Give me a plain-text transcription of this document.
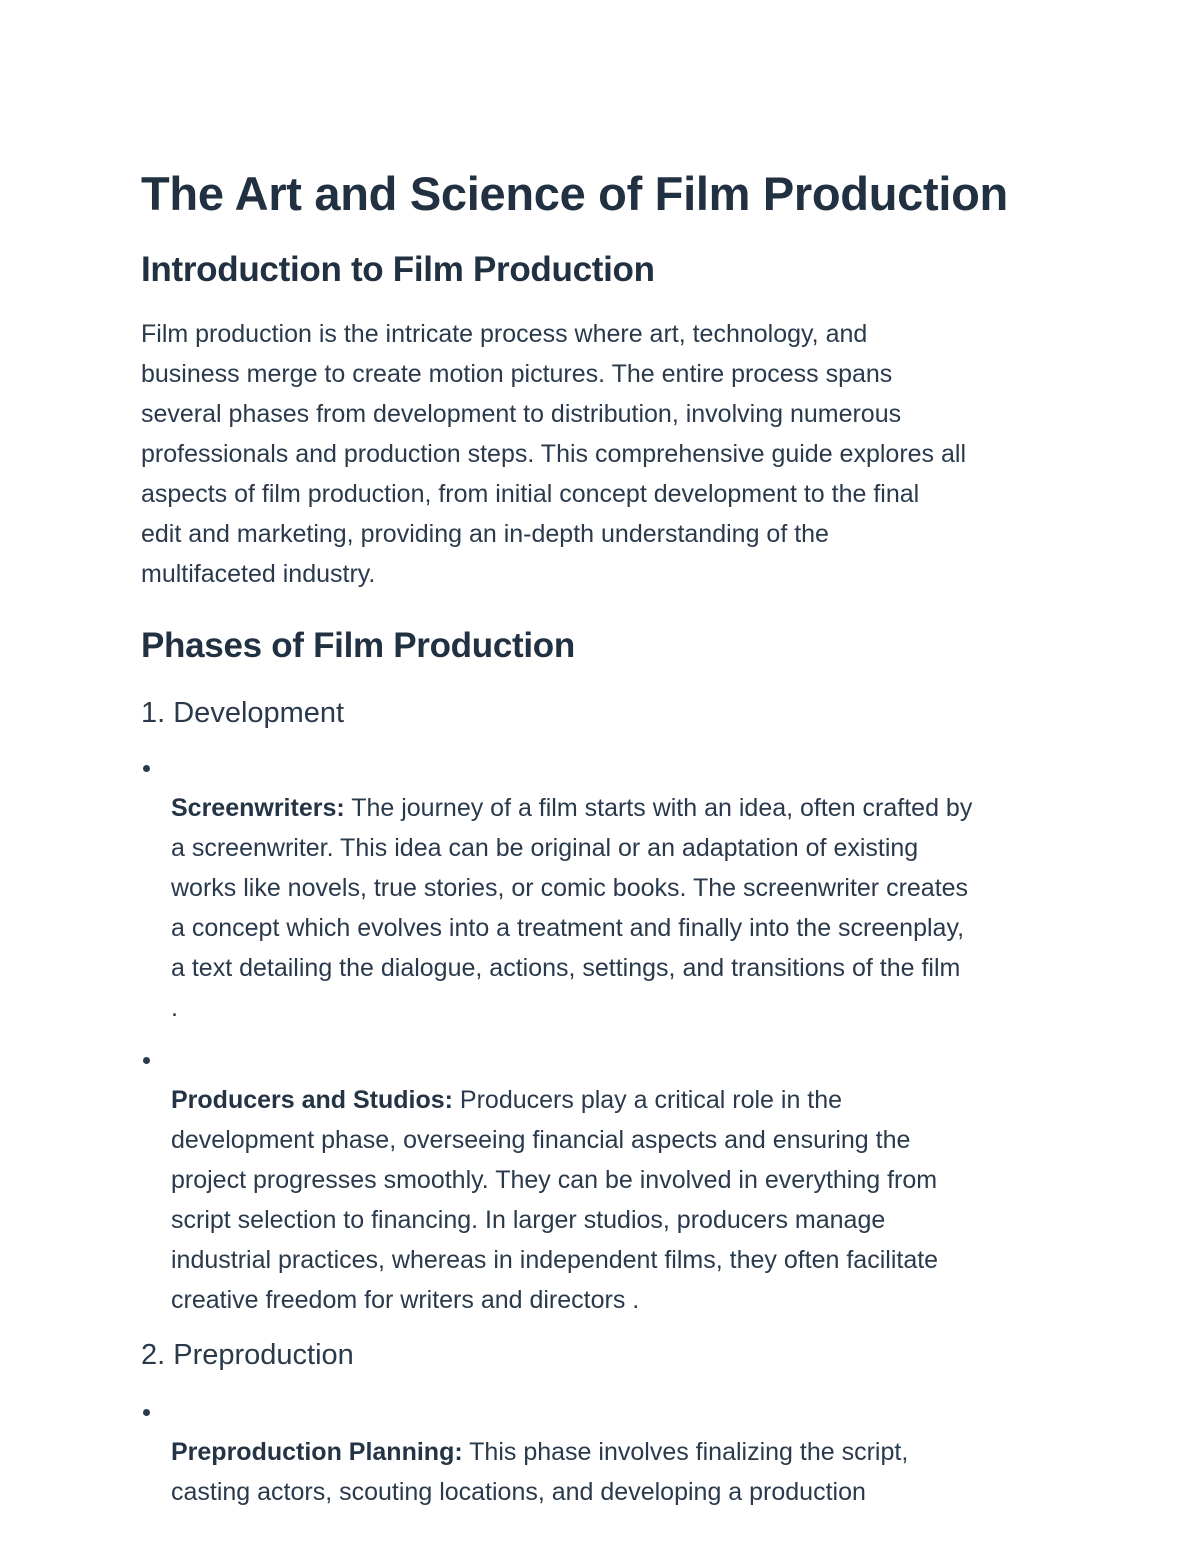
The Art and Science of Film Production
Introduction to Film Production

Film production is the intricate process where art, technology, and
business merge to create motion pictures. The entire process spans
several phases from development to distribution, involving numerous
professionals and production steps. This comprehensive guide explores all
aspects of film production, from initial concept development to the final
edit and marketing, providing an in-depth understanding of the
multifaceted industry.

Phases of Film Production
1. Development

Screenwriters: The journey of a film starts with an idea, often crafted by
a screenwriter. This idea can be original or an adaptation of existing
works like novels, true stories, or comic books. The screenwriter creates
a concept which evolves into a treatment and finally into the screenplay,
a text detailing the dialogue, actions, settings, and transitions of the film
.

Producers and Studios: Producers play a critical role in the
development phase, overseeing financial aspects and ensuring the
project progresses smoothly. They can be involved in everything from
script selection to financing. In larger studios, producers manage
industrial practices, whereas in independent films, they often facilitate
creative freedom for writers and directors .

2. Preproduction

Preproduction Planning: This phase involves finalizing the script,
casting actors, scouting locations, and developing a production
